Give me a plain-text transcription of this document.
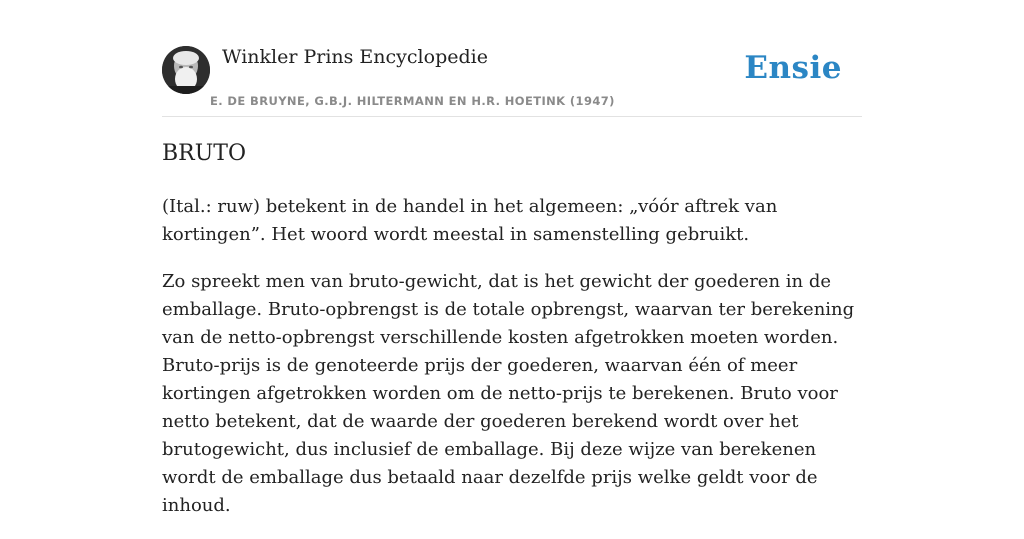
Winkler Prins Encyclopedie
E. DE BRUYNE, G.B.J. HILTERMANN EN H.R. HOETINK (1947)
Ensie
BRUTO

(Ital.: ruw) betekent in de handel in het algemeen: „vóór aftrek van kortingen”. Het woord wordt meestal in samenstelling gebruikt.

Zo spreekt men van bruto-gewicht, dat is het gewicht der goederen in de emballage. Bruto-opbrengst is de totale opbrengst, waarvan ter berekening van de netto-opbrengst verschillende kosten afgetrokken moeten worden. Bruto-prijs is de genoteerde prijs der goederen, waarvan één of meer kortingen afgetrokken worden om de netto-prijs te berekenen. Bruto voor netto betekent, dat de waarde der goederen berekend wordt over het brutogewicht, dus inclusief de emballage. Bij deze wijze van berekenen wordt de emballage dus betaald naar dezelfde prijs welke geldt voor de inhoud.
